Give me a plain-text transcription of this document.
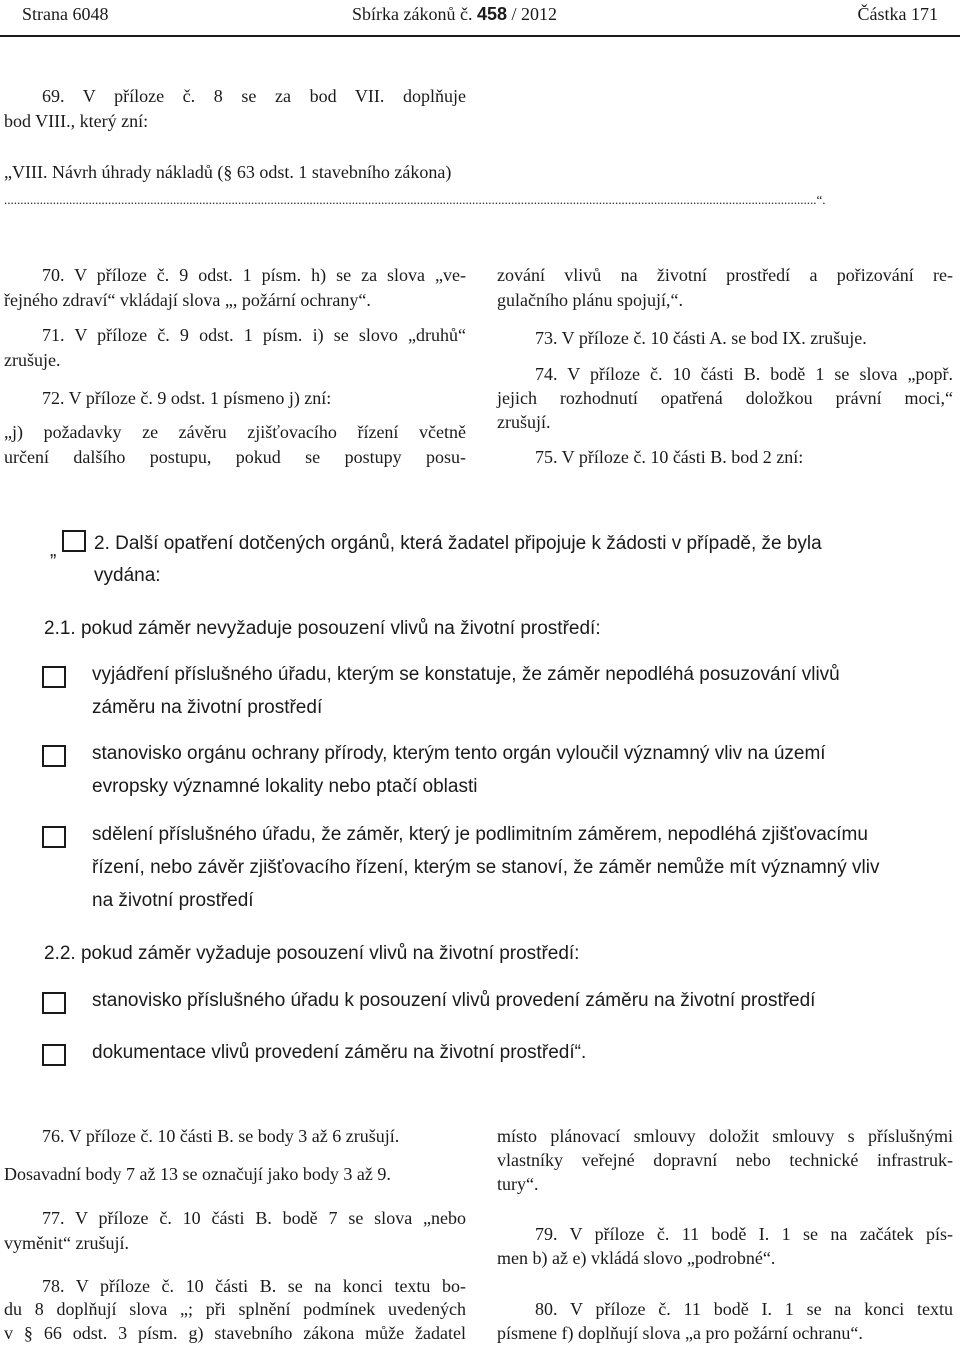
Strana 6048	Sbírka zákonů č. 458 / 2012	Částka 171
69. V příloze č. 8 se za bod VII. doplňuje
bod VIII., který zní:
„VIII. Návrh úhrady nákladů (§ 63 odst. 1 stavebního zákona)
..........................................................................................................................................................................................................................................................“.
70. V příloze č. 9 odst. 1 písm. h) se za slova „ve-
řejného zdraví“ vkládají slova „, požární ochrany“.
71. V příloze č. 9 odst. 1 písm. i) se slovo „druhů“
zrušuje.
72. V příloze č. 9 odst. 1 písmeno j) zní:
„j) požadavky ze závěru zjišťovacího řízení včetně
určení dalšího postupu, pokud se postupy posu-
zování vlivů na životní prostředí a pořizování re-
gulačního plánu spojují,“.
73. V příloze č. 10 části A. se bod IX. zrušuje.
74. V příloze č. 10 části B. bodě 1 se slova „popř.
jejich rozhodnutí opatřená doložkou právní moci,“
zrušují.
75. V příloze č. 10 části B. bod 2 zní:
„ 2. Další opatření dotčených orgánů, která žadatel připojuje k žádosti v případě, že byla
vydána:
2.1. pokud záměr nevyžaduje posouzení vlivů na životní prostředí:
vyjádření příslušného úřadu, kterým se konstatuje, že záměr nepodléhá posuzování vlivů
záměru na životní prostředí
stanovisko orgánu ochrany přírody, kterým tento orgán vyloučil významný vliv na území
evropsky významné lokality nebo ptačí oblasti
sdělení příslušného úřadu, že záměr, který je podlimitním záměrem, nepodléhá zjišťovacímu
řízení, nebo závěr zjišťovacího řízení, kterým se stanoví, že záměr nemůže mít významný vliv
na životní prostředí
2.2. pokud záměr vyžaduje posouzení vlivů na životní prostředí:
stanovisko příslušného úřadu k posouzení vlivů provedení záměru na životní prostředí
dokumentace vlivů provedení záměru na životní prostředí“.
76. V příloze č. 10 části B. se body 3 až 6 zrušují.
Dosavadní body 7 až 13 se označují jako body 3 až 9.
77. V příloze č. 10 části B. bodě 7 se slova „nebo
vyměnit“ zrušují.
78. V příloze č. 10 části B. se na konci textu bo-
du 8 doplňují slova „; při splnění podmínek uvedených
v § 66 odst. 3 písm. g) stavebního zákona může žadatel
místo plánovací smlouvy doložit smlouvy s příslušnými
vlastníky veřejné dopravní nebo technické infrastruk-
tury“.
79. V příloze č. 11 bodě I. 1 se na začátek pís-
men b) až e) vkládá slovo „podrobné“.
80. V příloze č. 11 bodě I. 1 se na konci textu
písmene f) doplňují slova „a pro požární ochranu“.
